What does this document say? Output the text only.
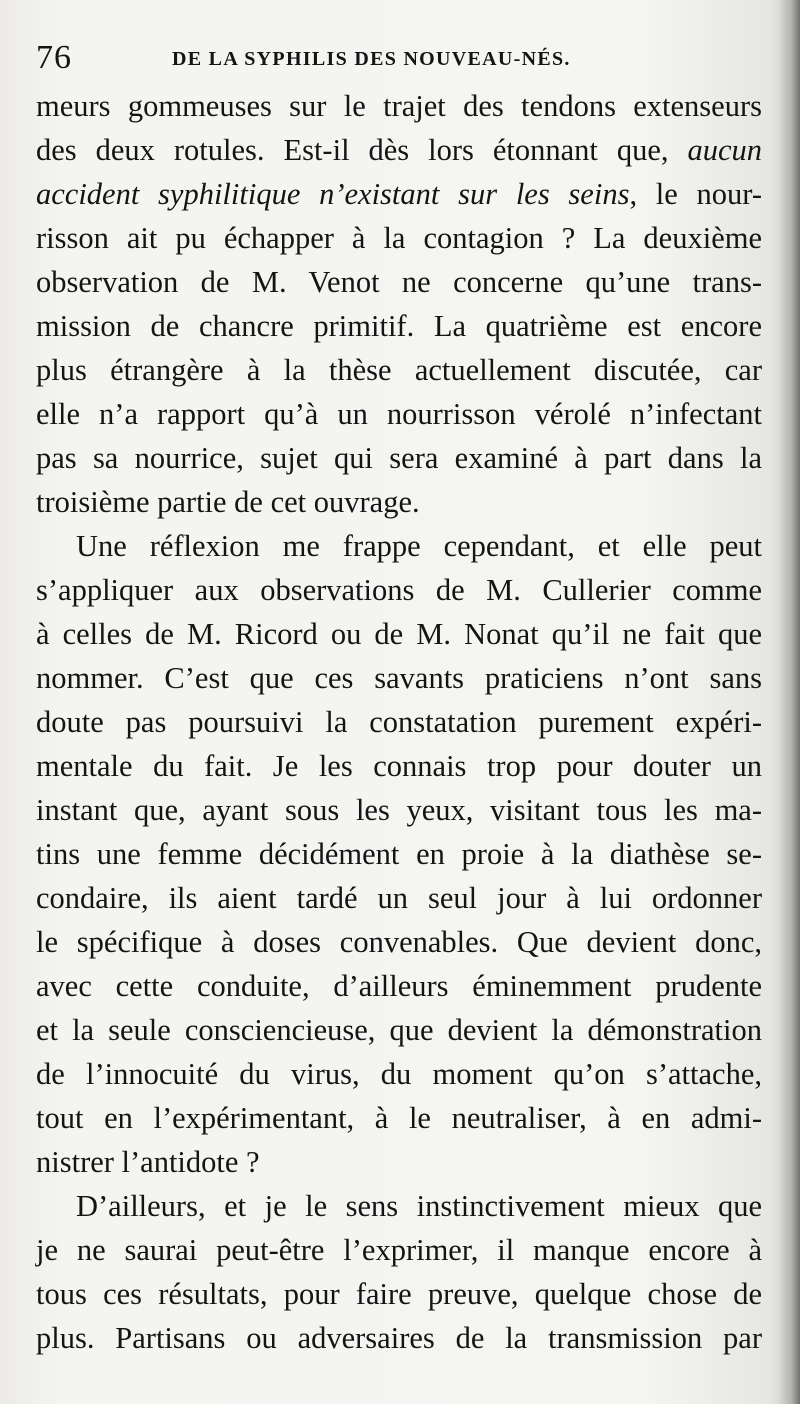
76	DE LA SYPHILIS DES NOUVEAU-NÉS.
meurs gommeuses sur le trajet des tendons extenseurs
des deux rotules. Est-il dès lors étonnant que, aucun
accident syphilitique n’existant sur les seins, le nour-
risson ait pu échapper à la contagion ? La deuxième
observation de M. Venot ne concerne qu’une trans-
mission de chancre primitif. La quatrième est encore
plus étrangère à la thèse actuellement discutée, car
elle n’a rapport qu’à un nourrisson vérolé n’infectant
pas sa nourrice, sujet qui sera examiné à part dans la
troisième partie de cet ouvrage.
Une réflexion me frappe cependant, et elle peut
s’appliquer aux observations de M. Cullerier comme
à celles de M. Ricord ou de M. Nonat qu’il ne fait que
nommer. C’est que ces savants praticiens n’ont sans
doute pas poursuivi la constatation purement expéri-
mentale du fait. Je les connais trop pour douter un
instant que, ayant sous les yeux, visitant tous les ma-
tins une femme décidément en proie à la diathèse se-
condaire, ils aient tardé un seul jour à lui ordonner
le spécifique à doses convenables. Que devient donc,
avec cette conduite, d’ailleurs éminemment prudente
et la seule consciencieuse, que devient la démonstration
de l’innocuité du virus, du moment qu’on s’attache,
tout en l’expérimentant, à le neutraliser, à en admi-
nistrer l’antidote ?
D’ailleurs, et je le sens instinctivement mieux que
je ne saurai peut-être l’exprimer, il manque encore à
tous ces résultats, pour faire preuve, quelque chose de
plus. Partisans ou adversaires de la transmission par
